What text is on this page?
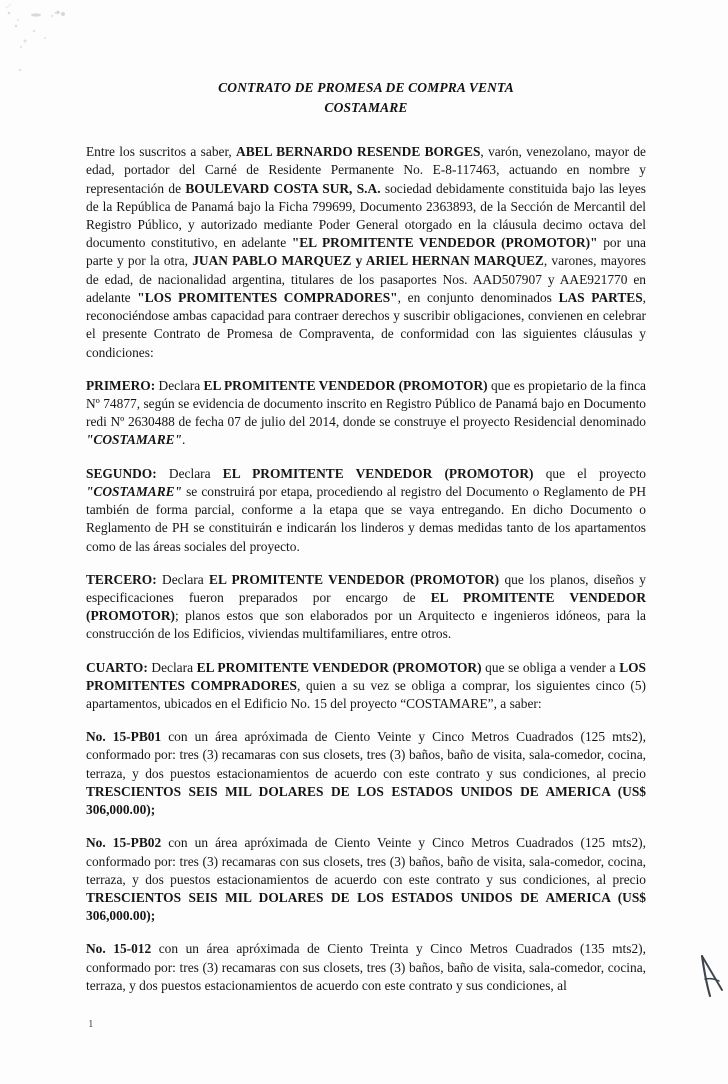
CONTRATO DE PROMESA DE COMPRA VENTA
COSTAMARE

Entre los suscritos a saber, ABEL BERNARDO RESENDE BORGES, varón, venezolano, mayor de edad, portador del Carné de Residente Permanente No. E-8-117463, actuando en nombre y representación de BOULEVARD COSTA SUR, S.A. sociedad debidamente constituida bajo las leyes de la República de Panamá bajo la Ficha 799699, Documento 2363893, de la Sección de Mercantil del Registro Público, y autorizado mediante Poder General otorgado en la cláusula decimo octava del documento constitutivo, en adelante "EL PROMITENTE VENDEDOR (PROMOTOR)" por una parte y por la otra, JUAN PABLO MARQUEZ y ARIEL HERNAN MARQUEZ, varones, mayores de edad, de nacionalidad argentina, titulares de los pasaportes Nos. AAD507907 y AAE921770 en adelante "LOS PROMITENTES COMPRADORES", en conjunto denominados LAS PARTES, reconociéndose ambas capacidad para contraer derechos y suscribir obligaciones, convienen en celebrar el presente Contrato de Promesa de Compraventa, de conformidad con las siguientes cláusulas y condiciones:

PRIMERO: Declara EL PROMITENTE VENDEDOR (PROMOTOR) que es propietario de la finca Nº 74877, según se evidencia de documento inscrito en Registro Público de Panamá bajo en Documento redi Nº 2630488 de fecha 07 de julio del 2014, donde se construye el proyecto Residencial denominado "COSTAMARE".

SEGUNDO: Declara EL PROMITENTE VENDEDOR (PROMOTOR) que el proyecto "COSTAMARE" se construirá por etapa, procediendo al registro del Documento o Reglamento de PH también de forma parcial, conforme a la etapa que se vaya entregando. En dicho Documento o Reglamento de PH se constituirán e indicarán los linderos y demas medidas tanto de los apartamentos como de las áreas sociales del proyecto.

TERCERO: Declara EL PROMITENTE VENDEDOR (PROMOTOR) que los planos, diseños y especificaciones fueron preparados por encargo de EL PROMITENTE VENDEDOR (PROMOTOR); planos estos que son elaborados por un Arquitecto e ingenieros idóneos, para la construcción de los Edificios, viviendas multifamiliares, entre otros.

CUARTO: Declara EL PROMITENTE VENDEDOR (PROMOTOR) que se obliga a vender a LOS PROMITENTES COMPRADORES, quien a su vez se obliga a comprar, los siguientes cinco (5) apartamentos, ubicados en el Edificio No. 15 del proyecto “COSTAMARE”, a saber:

No. 15-PB01 con un área apróximada de Ciento Veinte y Cinco Metros Cuadrados (125 mts2), conformado por: tres (3) recamaras con sus closets, tres (3) baños, baño de visita, sala-comedor, cocina, terraza, y dos puestos estacionamientos de acuerdo con este contrato y sus condiciones, al precio TRESCIENTOS SEIS MIL DOLARES DE LOS ESTADOS UNIDOS DE AMERICA (US$ 306,000.00);

No. 15-PB02 con un área apróximada de Ciento Veinte y Cinco Metros Cuadrados (125 mts2), conformado por: tres (3) recamaras con sus closets, tres (3) baños, baño de visita, sala-comedor, cocina, terraza, y dos puestos estacionamientos de acuerdo con este contrato y sus condiciones, al precio TRESCIENTOS SEIS MIL DOLARES DE LOS ESTADOS UNIDOS DE AMERICA (US$ 306,000.00);

No. 15-012 con un área apróximada de Ciento Treinta y Cinco Metros Cuadrados (135 mts2), conformado por: tres (3) recamaras con sus closets, tres (3) baños, baño de visita, sala-comedor, cocina, terraza, y dos puestos estacionamientos de acuerdo con este contrato y sus condiciones, al

1
